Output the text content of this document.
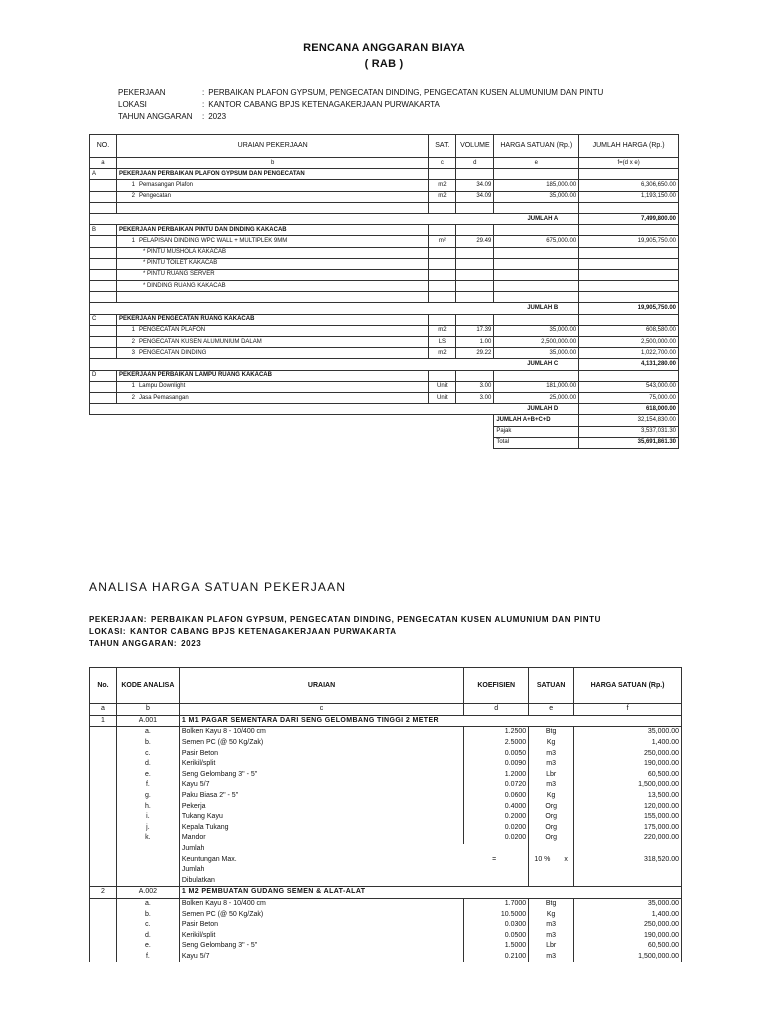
RENCANA ANGGARAN BIAYA
( RAB )
PEKERJAAN	: PERBAIKAN PLAFON GYPSUM, PENGECATAN DINDING, PENGECATAN KUSEN ALUMUNIUM DAN PINTU
LOKASI	: KANTOR CABANG BPJS KETENAGAKERJAAN PURWAKARTA
TAHUN ANGGARAN	: 2023
NO.	URAIAN PEKERJAAN	SAT.	VOLUME	HARGA SATUAN (Rp.)	JUMLAH HARGA (Rp.)
a	b	c	d	e	f=(d x e)
A	PEKERJAAN PERBAIKAN PLAFON GYPSUM DAN PENGECATAN				
	1 Pemasangan Plafon	m2	34.09	185,000.00	6,306,650.00
	2 Pengecatan	m2	34.09	35,000.00	1,193,150.00

JUMLAH A					7,499,800.00
B	PEKERJAAN PERBAIKAN PINTU DAN DINDING KAKACAB				
	1 PELAPISAN DINDING WPC WALL + MULTIPLEK 9MM	m²	29.49	675,000.00	19,905,750.00
	* PINTU MUSHOLA KAKACAB				
	* PINTU TOILET KAKACAB				
	* PINTU RUANG SERVER				
	* DINDING RUANG KAKACAB				

JUMLAH B					19,905,750.00
C	PEKERJAAN PENGECATAN RUANG KAKACAB				
	1 PENGECATAN PLAFON	m2	17.39	35,000.00	608,580.00
	2 PENGECATAN KUSEN ALUMUNIUM DALAM	LS	1.00	2,500,000.00	2,500,000.00
	3 PENGECATAN DINDING	m2	29.22	35,000.00	1,022,700.00
JUMLAH C					4,131,280.00
D	PEKERJAAN PERBAIKAN LAMPU RUANG KAKACAB				
	1 Lampu Downlight	Unit	3.00	181,000.00	543,000.00
	2 Jasa Pemasangan	Unit	3.00	25,000.00	75,000.00
JUMLAH D					618,000.00
				JUMLAH A+B+C+D	32,154,830.00
				Pajak	3,537,031.30
				Total	35,691,861.30
ANALISA HARGA SATUAN PEKERJAAN
PEKERJAAN: PERBAIKAN PLAFON GYPSUM, PENGECATAN DINDING, PENGECATAN KUSEN ALUMUNIUM DAN PINTU
LOKASI: KANTOR CABANG BPJS KETENAGAKERJAAN PURWAKARTA
TAHUN ANGGARAN: 2023
No.	KODE ANALISA	URAIAN	KOEFISIEN	SATUAN	HARGA SATUAN (Rp.)
a	b	c	d	e	f
1	A.001	1 M1 PAGAR SEMENTARA DARI SENG GELOMBANG TINGGI 2 METER			
	a.	Bolken Kayu 8 - 10/400 cm	1.2500	Btg	35,000.00
	b.	Semen PC (@ 50 Kg/Zak)	2.5000	Kg	1,400.00
	c.	Pasir Beton	0.0050	m3	250,000.00
	d.	Kerikil/split	0.0090	m3	190,000.00
	e.	Seng Gelombang 3" - 5"	1.2000	Lbr	60,500.00
	f.	Kayu 5/7	0.0720	m3	1,500,000.00
	g.	Paku Biasa 2" - 5"	0.0600	Kg	13,500.00
	h.	Pekerja	0.4000	Org	120,000.00
	i.	Tukang Kayu	0.2000	Org	155,000.00
	j.	Kepala Tukang	0.0200	Org	175,000.00
	k.	Mandor	0.0200	Org	220,000.00
		Jumlah	

		Keuntungan Max. =		10 % x	318,520.00
		Jumlah	

		Dibulatkan	

2	A.002	1 M2 PEMBUATAN GUDANG SEMEN & ALAT-ALAT			
	a.	Bolken Kayu 8 - 10/400 cm	1.7000	Btg	35,000.00
	b.	Semen PC (@ 50 Kg/Zak)	10.5000	Kg	1,400.00
	c.	Pasir Beton	0.0300	m3	250,000.00
	d.	Kerikil/split	0.0500	m3	190,000.00
	e.	Seng Gelombang 3" - 5"	1.5000	Lbr	60,500.00
	f.	Kayu 5/7	0.2100	m3	1,500,000.00
